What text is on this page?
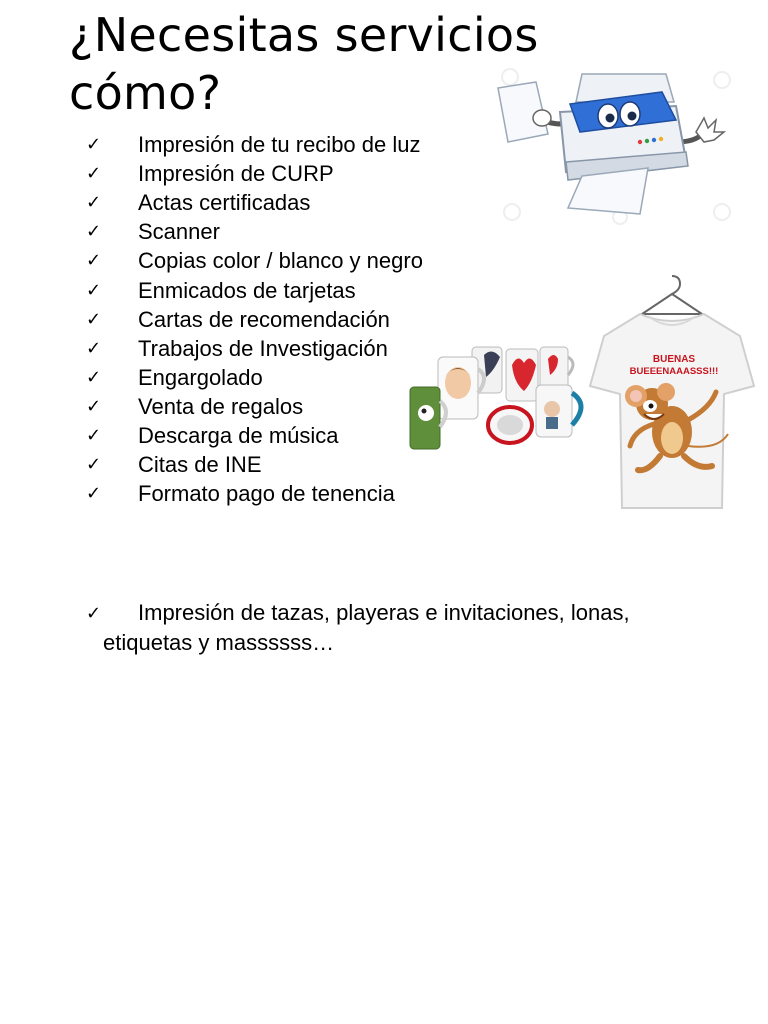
¿Necesitas servicios cómo?
✓	Impresión de tu recibo de luz
✓	Impresión de CURP
✓	Actas certificadas
✓	Scanner
✓	Copias color / blanco y negro
✓	Enmicados de tarjetas
✓	Cartas de recomendación
✓	Trabajos de Investigación
✓	Engargolado
✓	Venta de regalos
✓	Descarga de música
✓	Citas de INE
✓	Formato pago de tenencia
✓	Impresión de tazas, playeras e invitaciones, lonas,
etiquetas y massssss…
BUENAS
BUEEENAAASSS!!!
